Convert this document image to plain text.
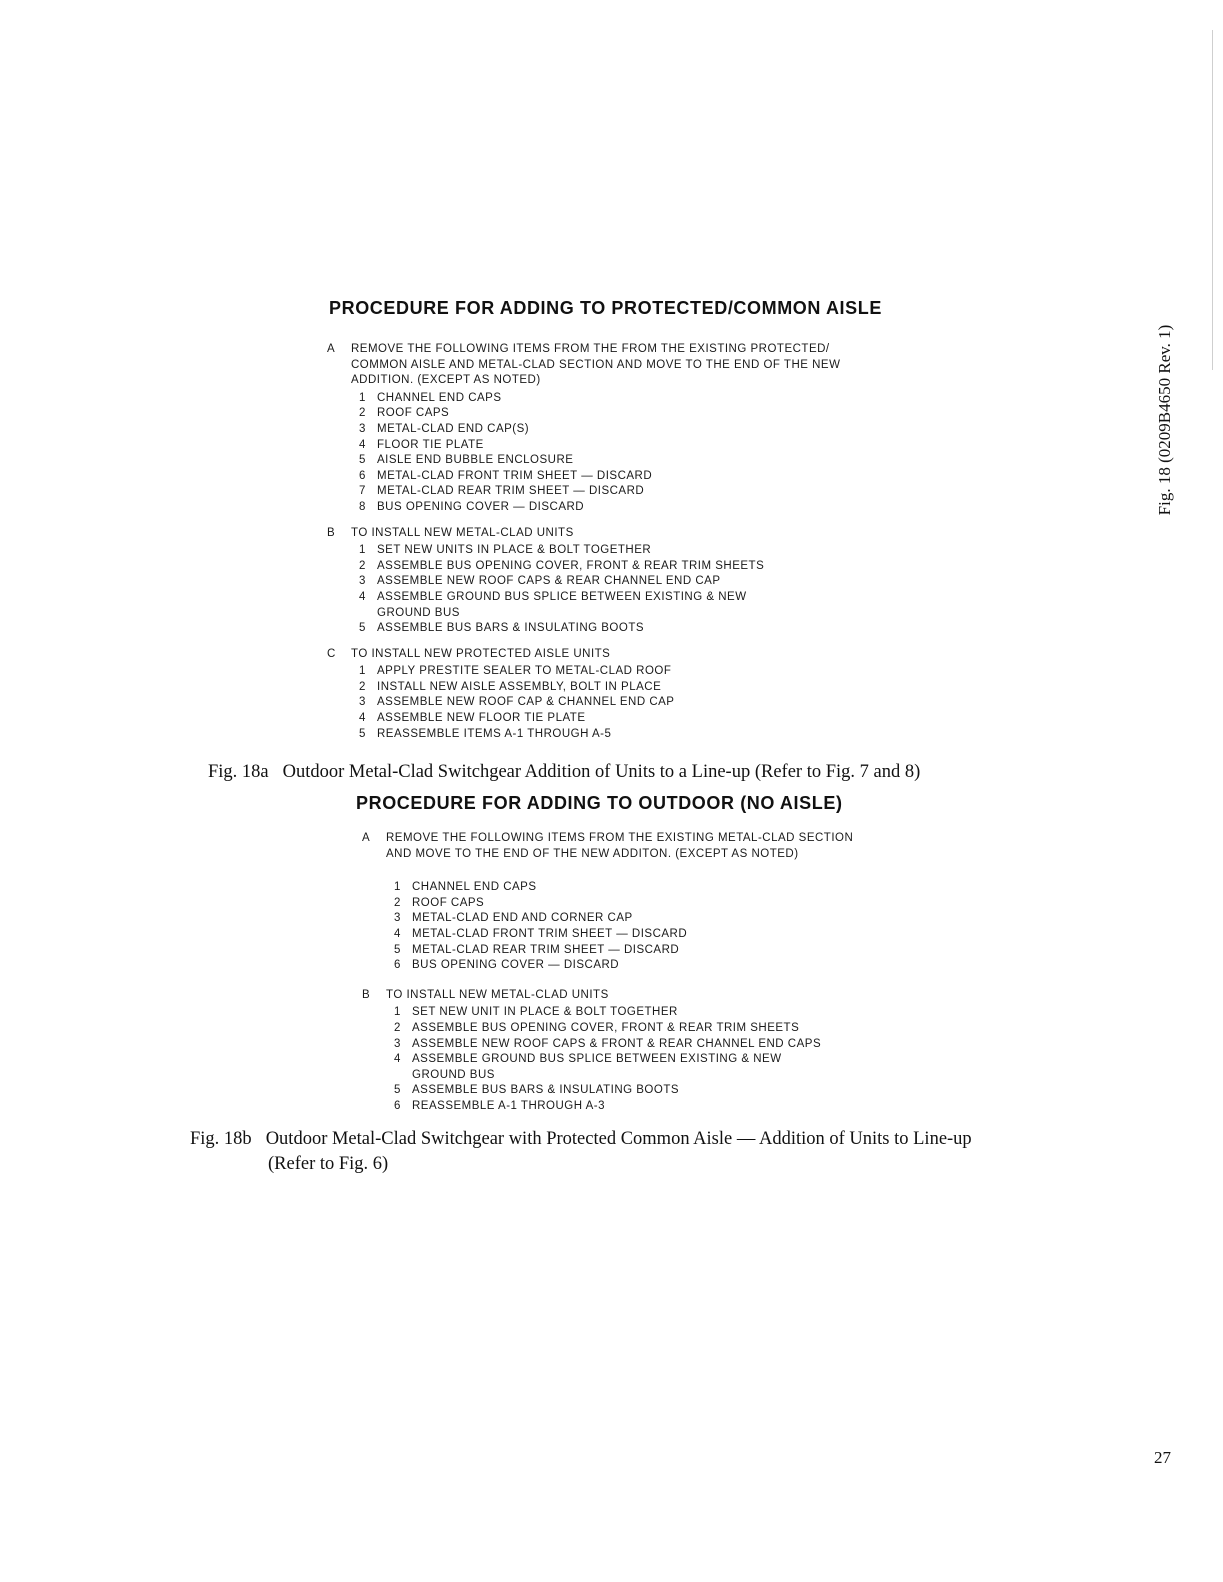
PROCEDURE FOR ADDING TO PROTECTED/COMMON AISLE
A	REMOVE THE FOLLOWING ITEMS FROM THE FROM THE EXISTING PROTECTED/
COMMON AISLE AND METAL-CLAD SECTION AND MOVE TO THE END OF THE NEW
ADDITION. (EXCEPT AS NOTED)
1 CHANNEL END CAPS
2 ROOF CAPS
3 METAL-CLAD END CAP(S)
4 FLOOR TIE PLATE
5 AISLE END BUBBLE ENCLOSURE
6 METAL-CLAD FRONT TRIM SHEET — DISCARD
7 METAL-CLAD REAR TRIM SHEET — DISCARD
8 BUS OPENING COVER — DISCARD
B	TO INSTALL NEW METAL-CLAD UNITS
1 SET NEW UNITS IN PLACE & BOLT TOGETHER
2 ASSEMBLE BUS OPENING COVER, FRONT & REAR TRIM SHEETS
3 ASSEMBLE NEW ROOF CAPS & REAR CHANNEL END CAP
4 ASSEMBLE GROUND BUS SPLICE BETWEEN EXISTING & NEW
GROUND BUS
5 ASSEMBLE BUS BARS & INSULATING BOOTS
C	TO INSTALL NEW PROTECTED AISLE UNITS
1 APPLY PRESTITE SEALER TO METAL-CLAD ROOF
2 INSTALL NEW AISLE ASSEMBLY, BOLT IN PLACE
3 ASSEMBLE NEW ROOF CAP & CHANNEL END CAP
4 ASSEMBLE NEW FLOOR TIE PLATE
5 REASSEMBLE ITEMS A-1 THROUGH A-5
Fig. 18a Outdoor Metal-Clad Switchgear Addition of Units to a Line-up (Refer to Fig. 7 and 8)
PROCEDURE FOR ADDING TO OUTDOOR (NO AISLE)
A	REMOVE THE FOLLOWING ITEMS FROM THE EXISTING METAL-CLAD SECTION
AND MOVE TO THE END OF THE NEW ADDITON. (EXCEPT AS NOTED)
1 CHANNEL END CAPS
2 ROOF CAPS
3 METAL-CLAD END AND CORNER CAP
4 METAL-CLAD FRONT TRIM SHEET — DISCARD
5 METAL-CLAD REAR TRIM SHEET — DISCARD
6 BUS OPENING COVER — DISCARD
B	TO INSTALL NEW METAL-CLAD UNITS
1 SET NEW UNIT IN PLACE & BOLT TOGETHER
2 ASSEMBLE BUS OPENING COVER, FRONT & REAR TRIM SHEETS
3 ASSEMBLE NEW ROOF CAPS & FRONT & REAR CHANNEL END CAPS
4 ASSEMBLE GROUND BUS SPLICE BETWEEN EXISTING & NEW
GROUND BUS
5 ASSEMBLE BUS BARS & INSULATING BOOTS
6 REASSEMBLE A-1 THROUGH A-3
Fig. 18b Outdoor Metal-Clad Switchgear with Protected Common Aisle — Addition of Units to Line-up
(Refer to Fig. 6)
Fig. 18 (0209B4650 Rev. 1)
27
